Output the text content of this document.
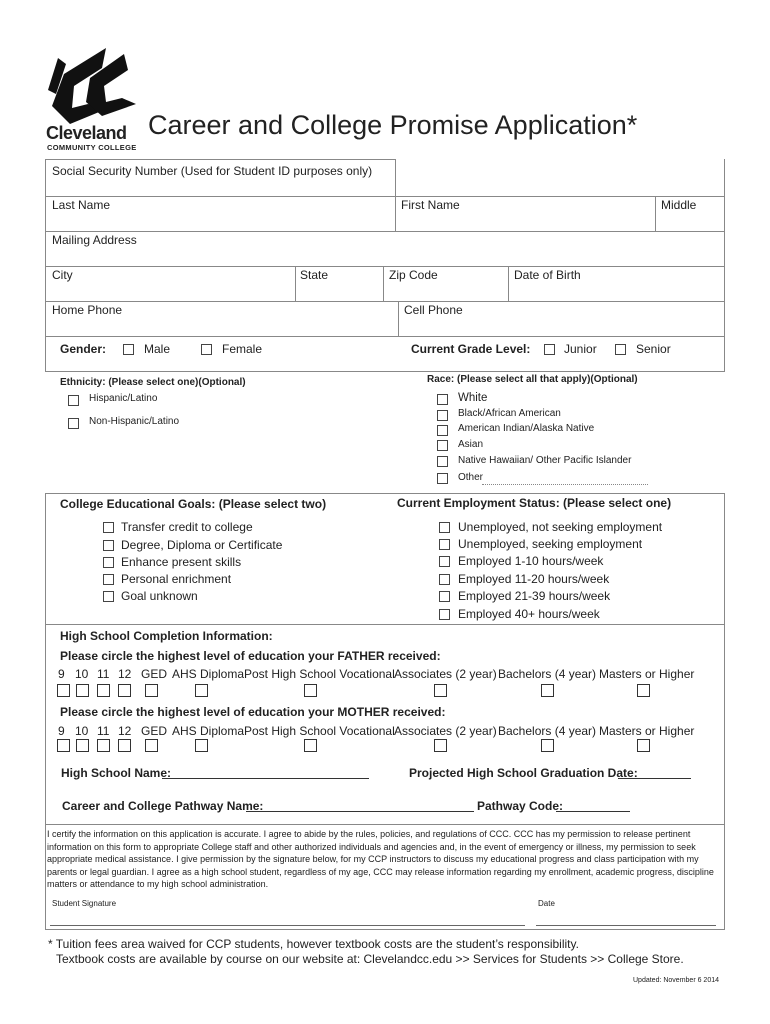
Cleveland
COMMUNITY COLLEGE
Career and College Promise Application*
Social Security Number (Used for Student ID purposes only)
Last Name	First Name	Middle
Mailing Address
City	State	Zip Code	Date of Birth
Home Phone	Cell Phone
Gender:	Male	Female	Current Grade Level:	Junior	Senior
Ethnicity: (Please select one)(Optional)
Hispanic/Latino
Non-Hispanic/Latino
Race: (Please select all that apply)(Optional)
White
Black/African American
American Indian/Alaska Native
Asian
Native Hawaiian/ Other Pacific Islander
Other
College Educational Goals: (Please select two)
Transfer credit to college
Degree, Diploma or Certificate
Enhance present skills
Personal enrichment
Goal unknown
Current Employment Status: (Please select one)
Unemployed, not seeking employment
Unemployed, seeking employment
Employed 1-10 hours/week
Employed 11-20 hours/week
Employed 21-39 hours/week
Employed 40+ hours/week
High School Completion Information:
Please circle the highest level of education your FATHER received:
9 10 11 12 GED AHS Diploma Post High School Vocational Associates (2 year) Bachelors (4 year) Masters or Higher
Please circle the highest level of education your MOTHER received:
9 10 11 12 GED AHS Diploma Post High School Vocational Associates (2 year) Bachelors (4 year) Masters or Higher
High School Name:	Projected High School Graduation Date:
Career and College Pathway Name:	Pathway Code:
I certify the information on this application is accurate. I agree to abide by the rules, policies, and regulations of CCC. CCC has my permission to release pertinent information on this form to appropriate College staff and other authorized individuals and agencies and, in the event of emergency or illness, my permission to seek appropriate medical assistance. I give permission by the signature below, for my CCP instructors to discuss my educational progress and class participation with my parents or legal guardian. I agree as a high school student, regardless of my age, CCC may release information regarding my enrollment, academic progress, discipline matters or attendance to my high school administration.
Student Signature	Date
* Tuition fees area waived for CCP students, however textbook costs are the student’s responsibility.
Textbook costs are available by course on our website at: Clevelandcc.edu >> Services for Students >> College Store.
Updated: November 6 2014
